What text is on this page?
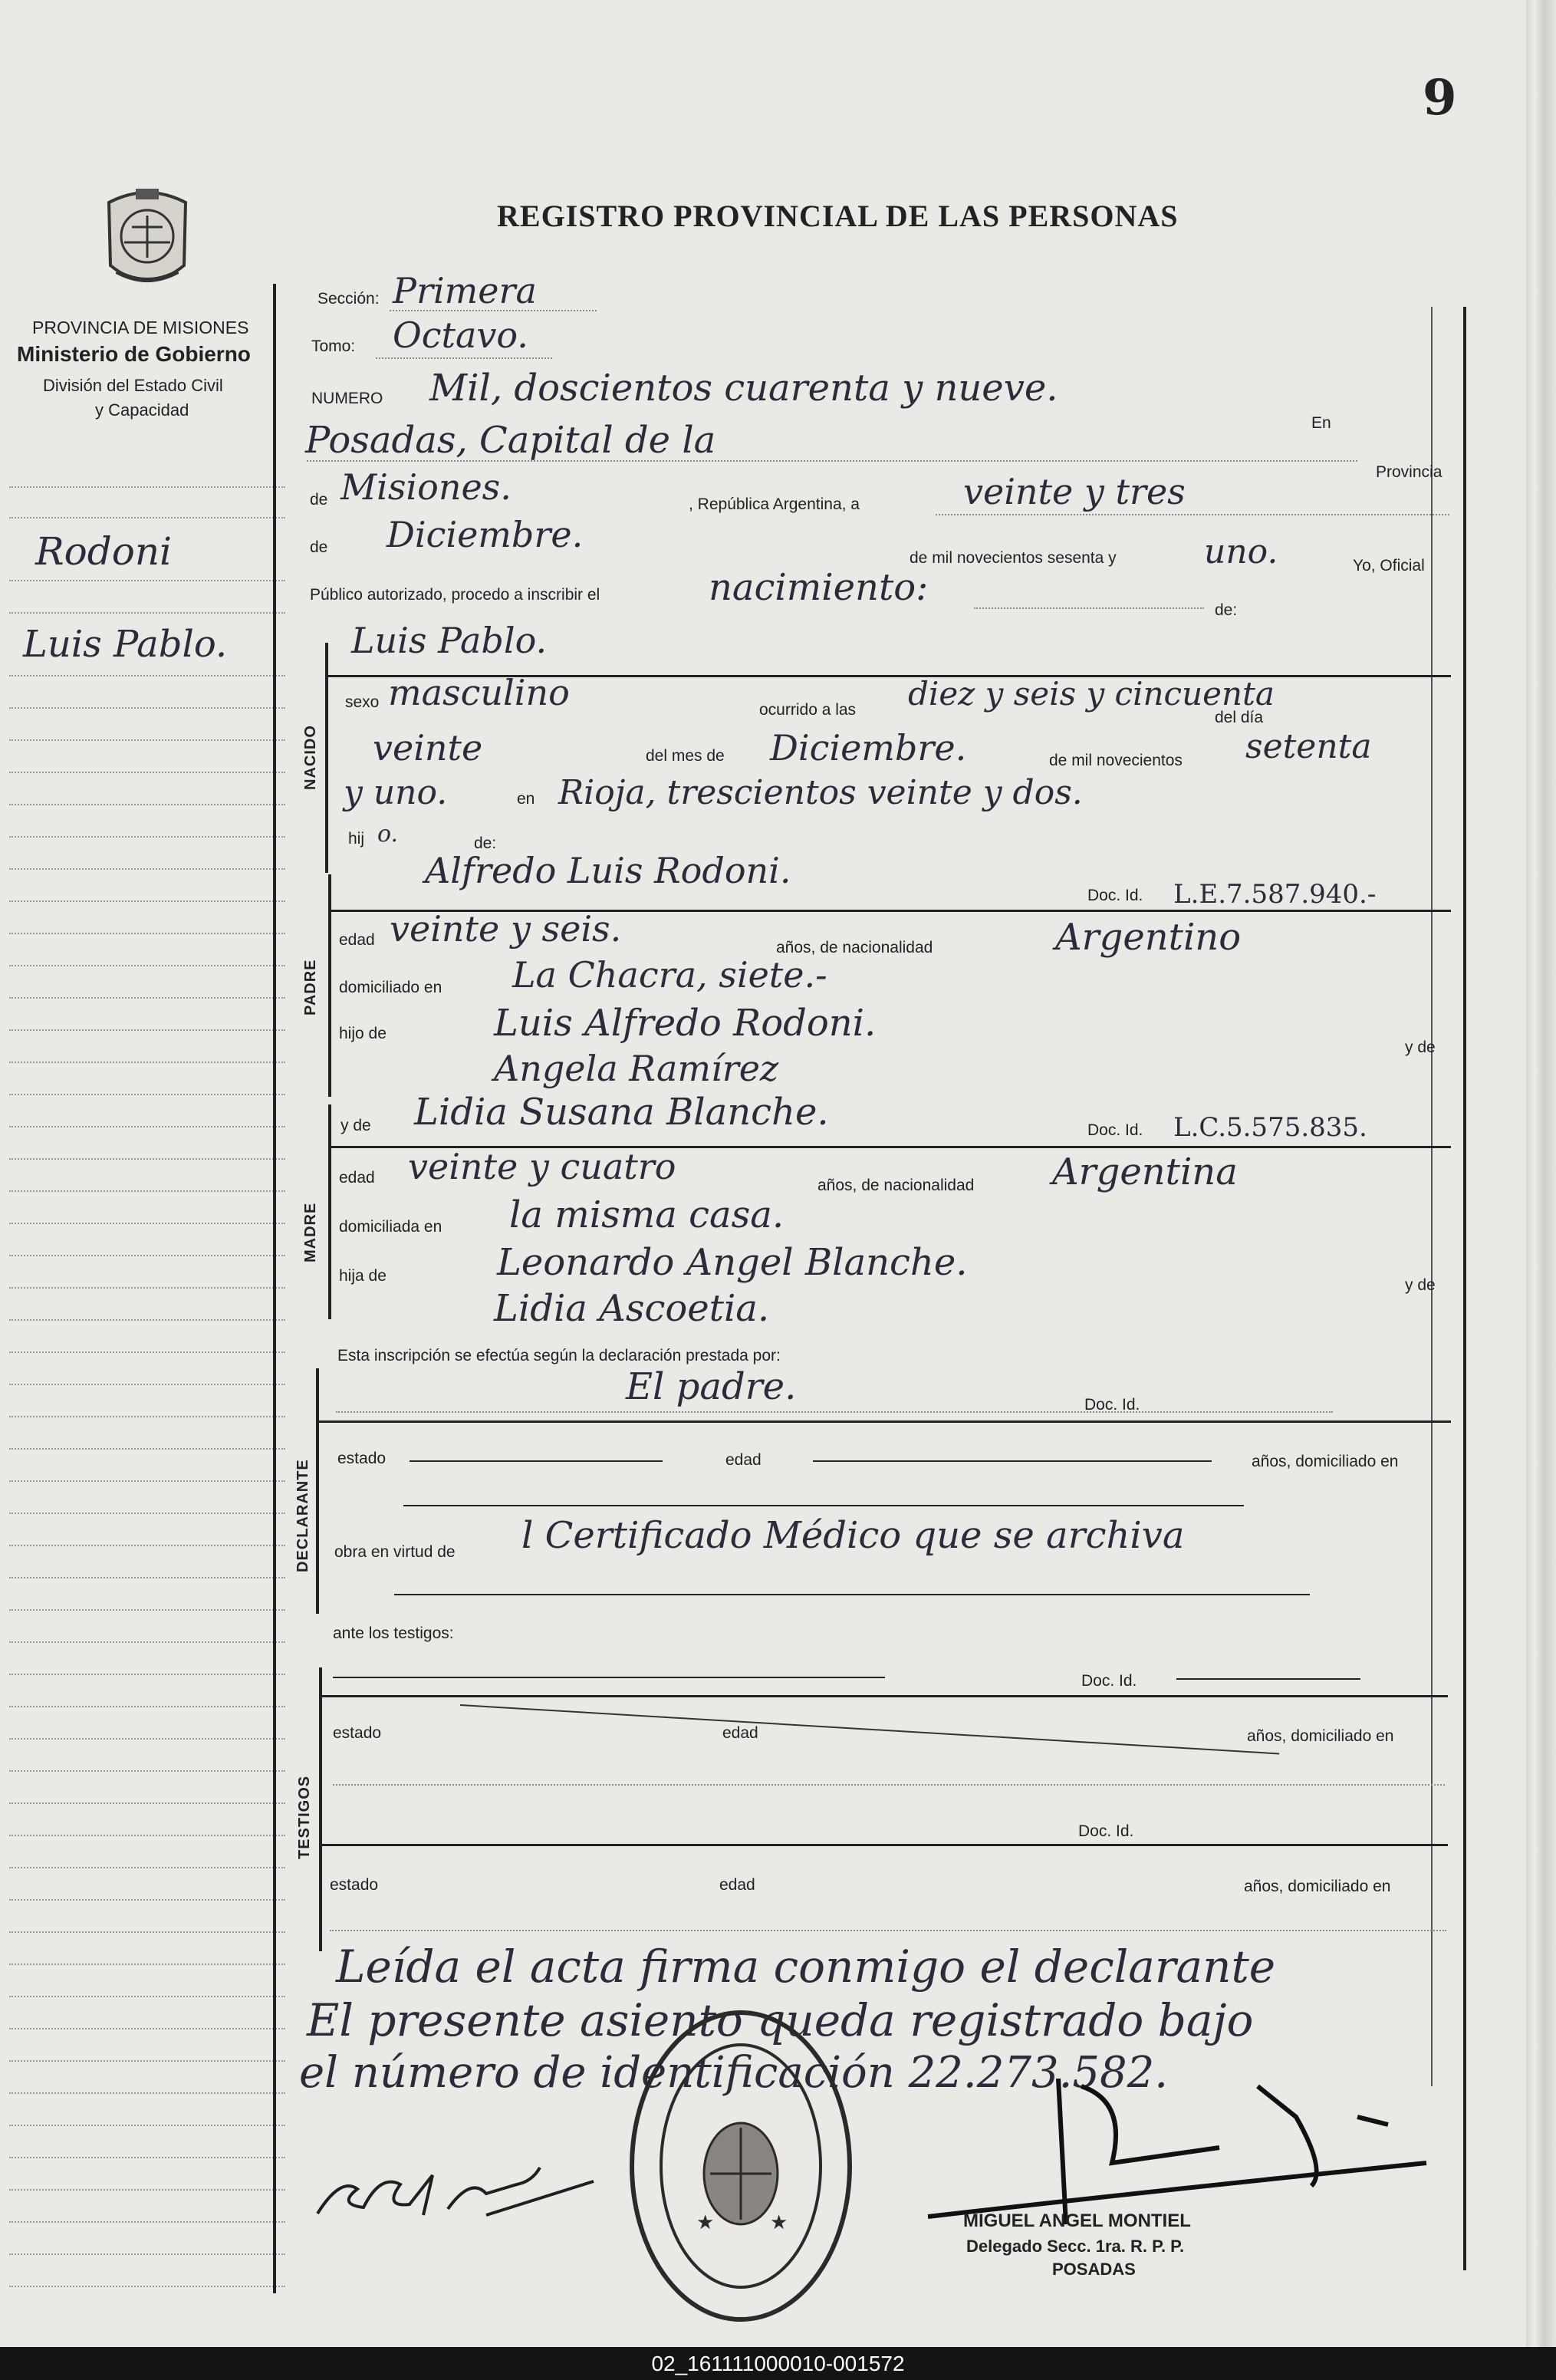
9
REGISTRO PROVINCIAL DE LAS PERSONAS
PROVINCIA DE MISIONES
Ministerio de Gobierno
División del Estado Civil
y Capacidad
Rodoni
Luis Pablo.
Sección: Primera
Tomo: Octavo.
NUMERO Mil, doscientos cuarenta y nueve.
En
Posadas, Capital de la
Provincia
de Misiones.	, República Argentina, a	veinte y tres
de Diciembre.
de mil novecientos sesenta y	uno.	Yo, Oficial
Público autorizado, procedo a inscribir el	nacimiento:
de:
NACIDO
Luis Pablo.
sexo masculino	ocurrido a las diez y seis y cincuenta
del día
veinte	del mes de Diciembre.	de mil novecientos setenta
y uno.	en Rioja, trescientos veinte y dos.
hij o.	de:
PADRE
Alfredo Luis Rodoni.
Doc. Id. L.E.7.587.940.-
edad veinte y seis.	años, de nacionalidad	Argentino
domiciliado en La Chacra, siete.-
hijo de	Luis Alfredo Rodoni.
y de
Angela Ramírez
MADRE
y de Lidia Susana Blanche.	Doc. Id. L.C.5.575.835.
edad veinte y cuatro	años, de nacionalidad Argentina
domiciliada en la misma casa.
hija de	Leonardo Angel Blanche.
y de
Lidia Ascoetia.
Esta inscripción se efectúa según la declaración prestada por:
DECLARANTE
El padre.	Doc. Id.
estado	edad	años, domiciliado en
obra en virtud de l Certificado Médico que se archiva
ante los testigos:
TESTIGOS
Doc. Id.
estado	edad	años, domiciliado en
Doc. Id.
estado	edad	años, domiciliado en
Leída el acta firma conmigo el declarante
El presente asiento queda registrado bajo
el número de identificación 22.273.582.
★	★	MIGUEL ANGEL MONTIEL
Delegado Secc. 1ra. R. P. P.
POSADAS
02_161111000010-001572
